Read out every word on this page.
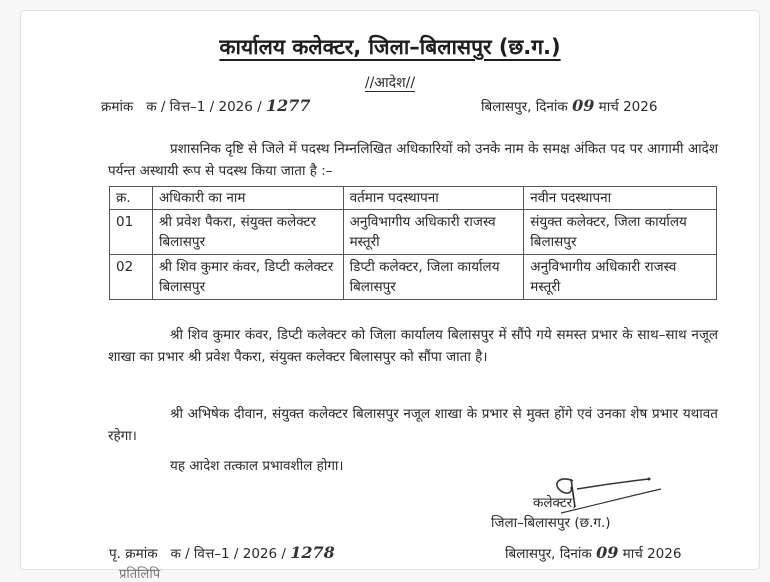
कार्यालय कलेक्टर, जिला–बिलासपुर (छ.ग.)
//आदेश//
क्रमांक क / वित्त–1 / 2026 / 1277	बिलासपुर, दिनांक 09 मार्च 2026
प्रशासनिक दृष्टि से जिले में पदस्थ निम्नलिखित अधिकारियों को उनके नाम के समक्ष अंकित पद पर आगामी आदेश पर्यन्त अस्थायी रूप से पदस्थ किया जाता है :–
क्र.	अधिकारी का नाम	वर्तमान पदस्थापना	नवीन पदस्थापना
01	श्री प्रवेश पैकरा, संयुक्त कलेक्टर बिलासपुर	अनुविभागीय अधिकारी राजस्व मस्तूरी	संयुक्त कलेक्टर, जिला कार्यालय बिलासपुर
02	श्री शिव कुमार कंवर, डिप्टी कलेक्टर बिलासपुर	डिप्टी कलेक्टर, जिला कार्यालय बिलासपुर	अनुविभागीय अधिकारी राजस्व मस्तूरी
श्री शिव कुमार कंवर, डिप्टी कलेक्टर को जिला कार्यालय बिलासपुर में सौंपे गये समस्त प्रभार के साथ–साथ नजूल शाखा का प्रभार श्री प्रवेश पैकरा, संयुक्त कलेक्टर बिलासपुर को सौंपा जाता है।
श्री अभिषेक दीवान, संयुक्त कलेक्टर बिलासपुर नजूल शाखा के प्रभार से मुक्त होंगे एवं उनका शेष प्रभार यथावत रहेगा।
यह आदेश तत्काल प्रभावशील होगा।
कलेक्टर,
जिला–बिलासपुर (छ.ग.)
पृ. क्रमांक क / वित्त–1 / 2026 / 1278	बिलासपुर, दिनांक 09 मार्च 2026
प्रतिलिपि
